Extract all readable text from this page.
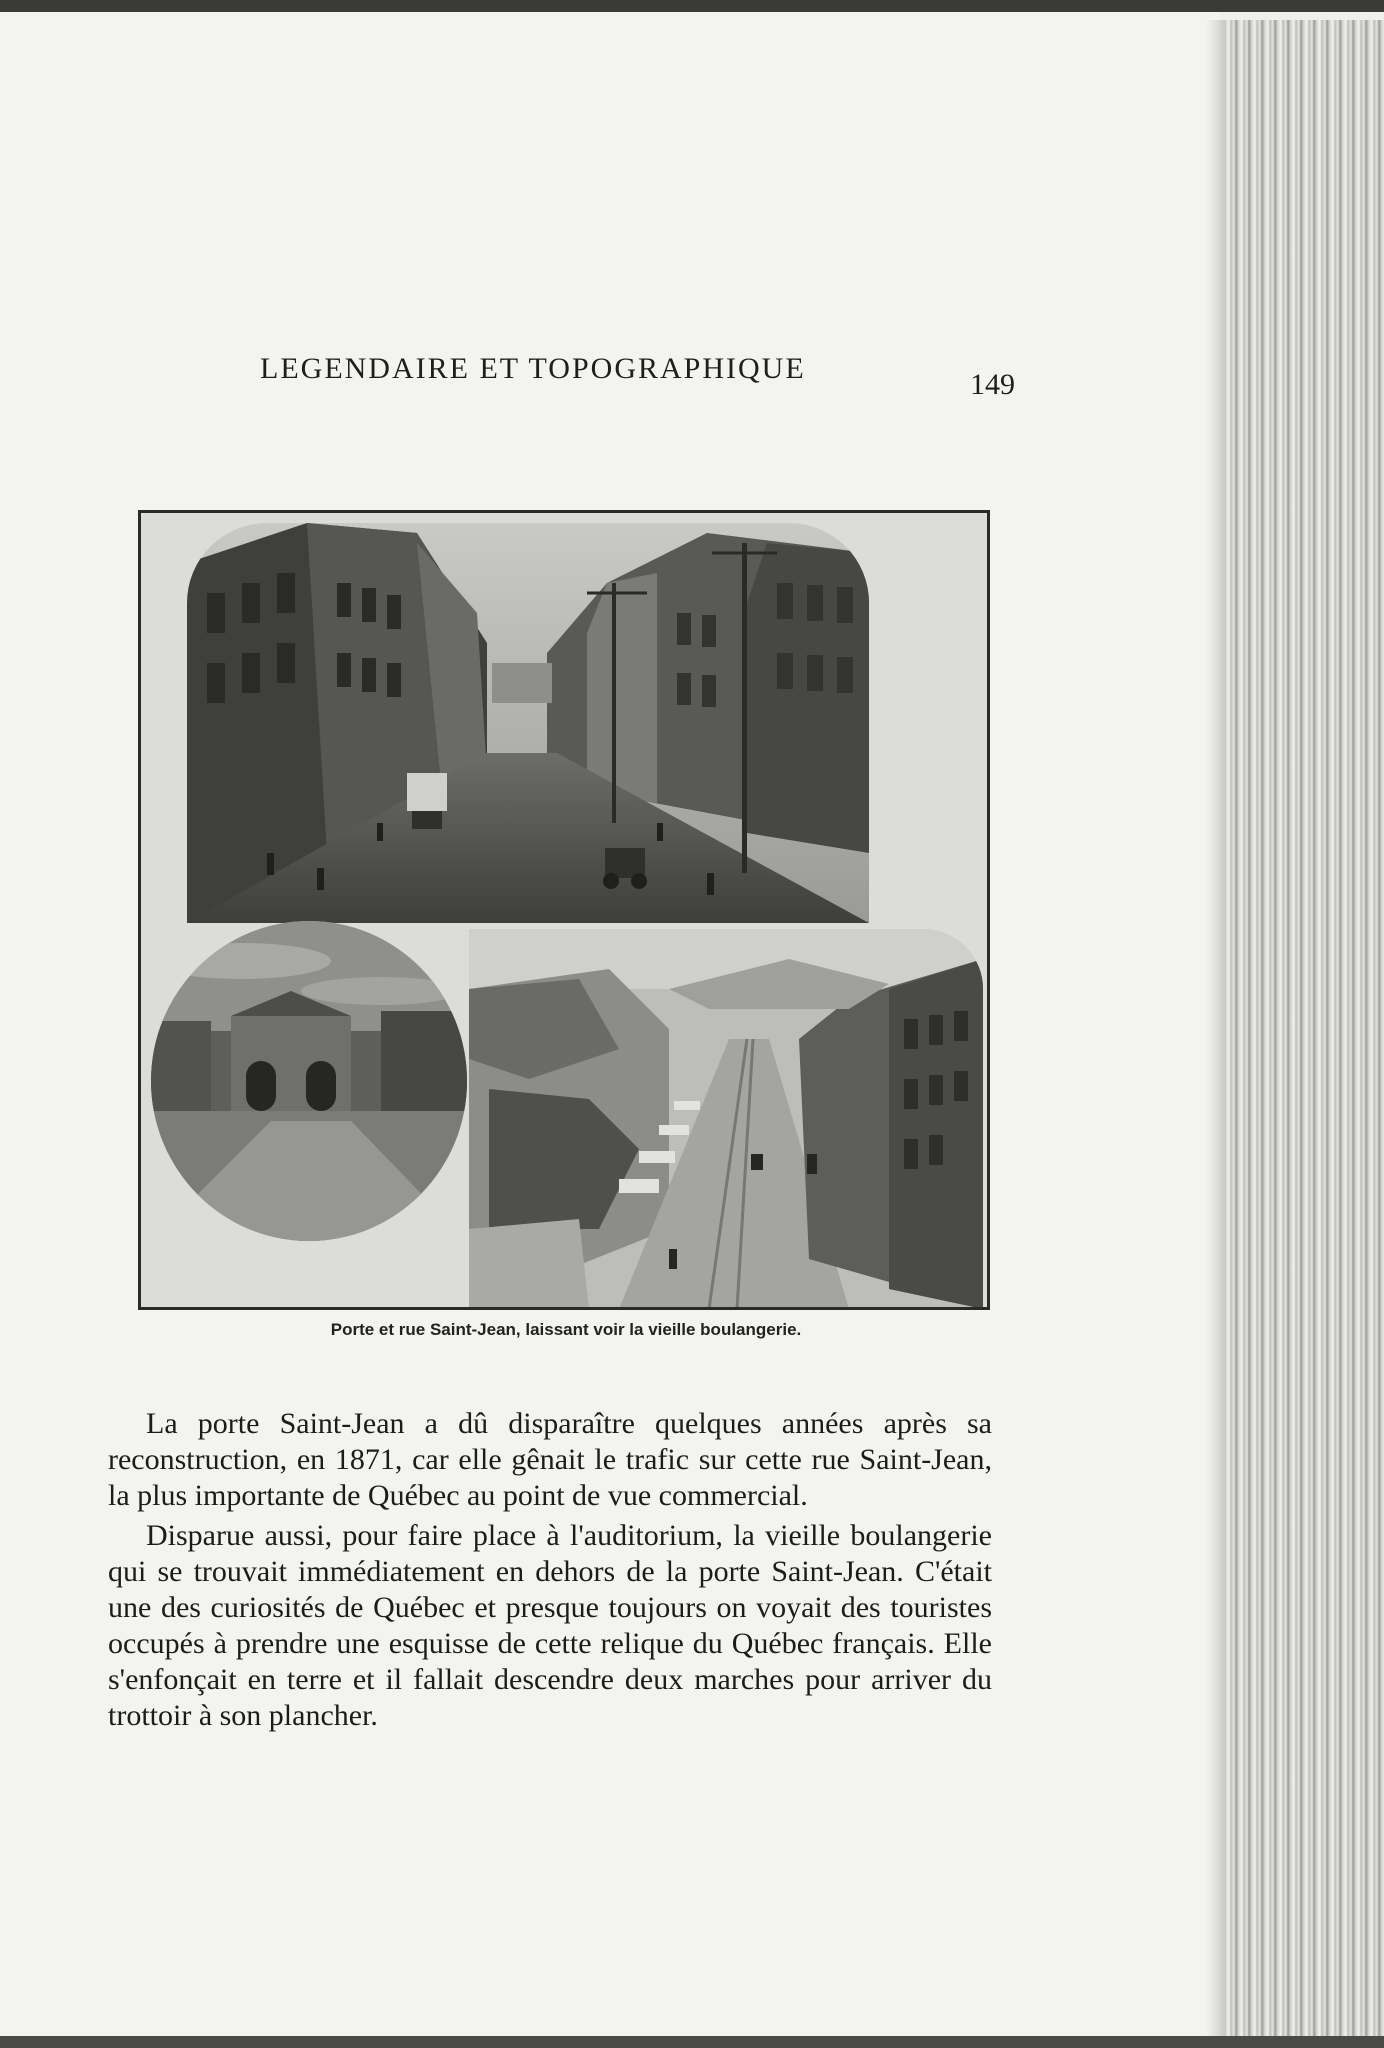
LEGENDAIRE ET TOPOGRAPHIQUE	149
Porte et rue Saint-Jean, laissant voir la vieille boulangerie.

La porte Saint-Jean a dû disparaître quelques années après sa reconstruction, en 1871, car elle gênait le trafic sur cette rue Saint-Jean, la plus importante de Québec au point de vue commercial.

Disparue aussi, pour faire place à l'auditorium, la vieille boulangerie qui se trouvait immédiatement en dehors de la porte Saint-Jean. C'était une des curiosités de Québec et presque toujours on voyait des touristes occupés à prendre une esquisse de cette relique du Québec français. Elle s'enfonçait en terre et il fallait descendre deux marches pour arriver du trottoir à son plancher.
